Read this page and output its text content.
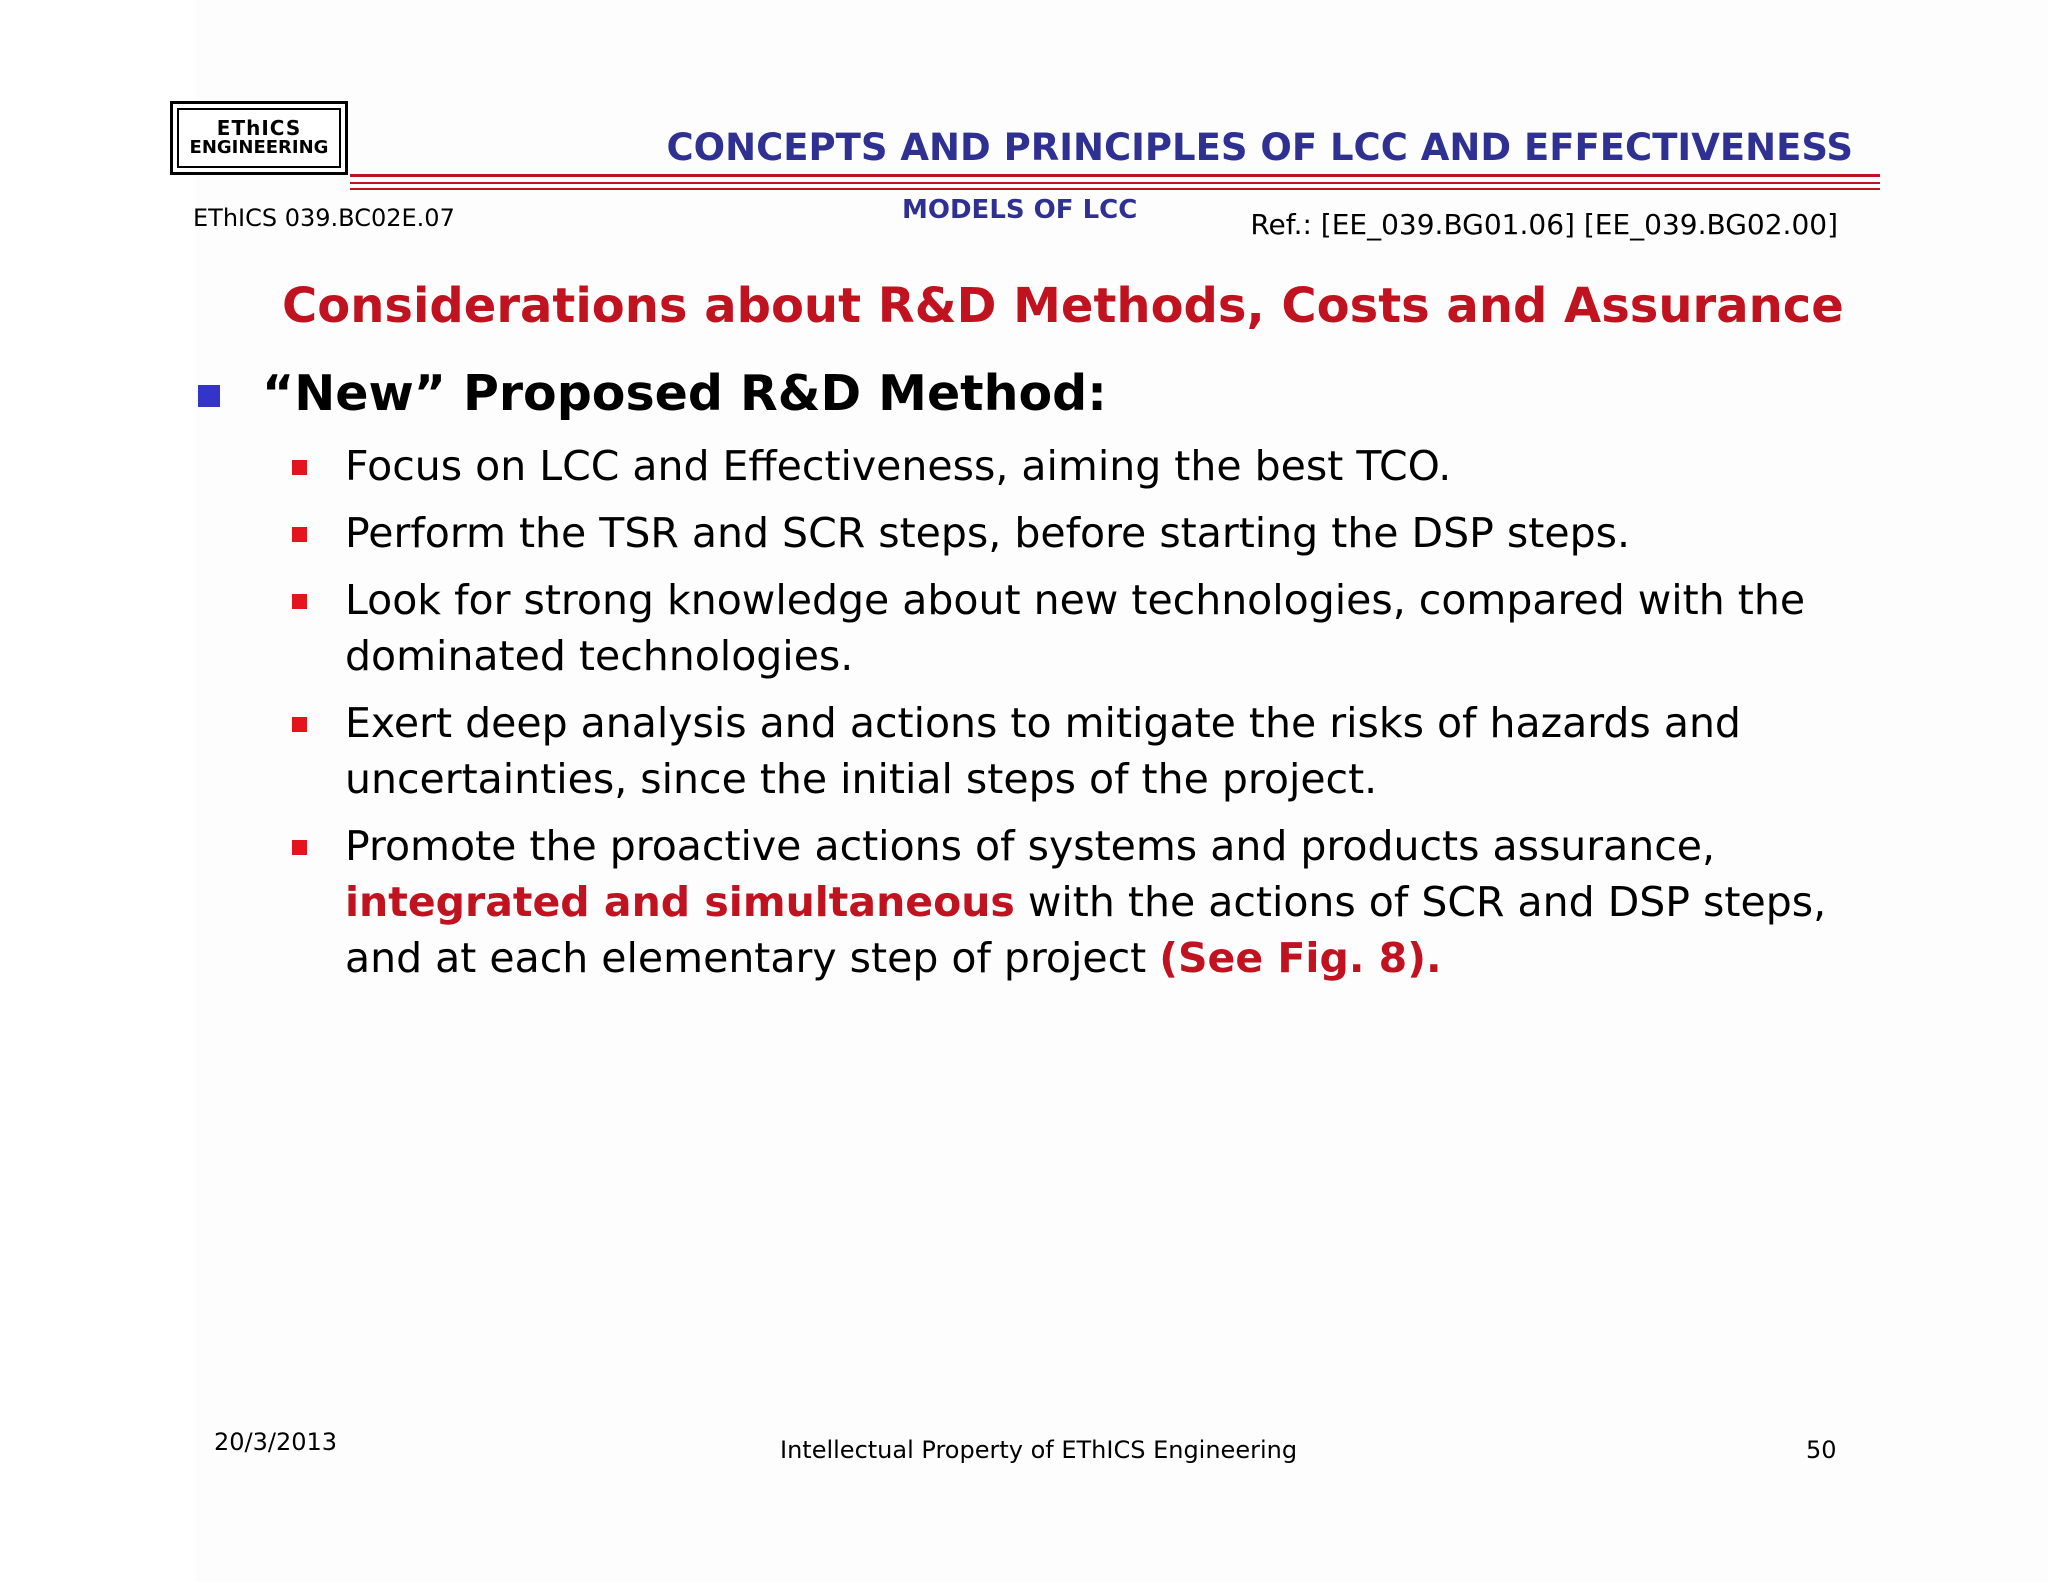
EThICS
ENGINEERING	CONCEPTS AND PRINCIPLES OF LCC AND EFFECTIVENESS
EThICS 039.BC02E.07	MODELS OF LCC	Ref.: [EE_039.BG01.06] [EE_039.BG02.00]
Considerations about R&D Methods, Costs and Assurance
“New” Proposed R&D Method:
Focus on LCC and Effectiveness, aiming the best TCO.
Perform the TSR and SCR steps, before starting the DSP steps.
Look for strong knowledge about new technologies, compared with the dominated technologies.
Exert deep analysis and actions to mitigate the risks of hazards and uncertainties, since the initial steps of the project.
Promote the proactive actions of systems and products assurance,
integrated and simultaneous with the actions of SCR and DSP steps, and at each elementary step of project (See Fig. 8).
20/3/2013	Intellectual Property of EThICS Engineering	50
